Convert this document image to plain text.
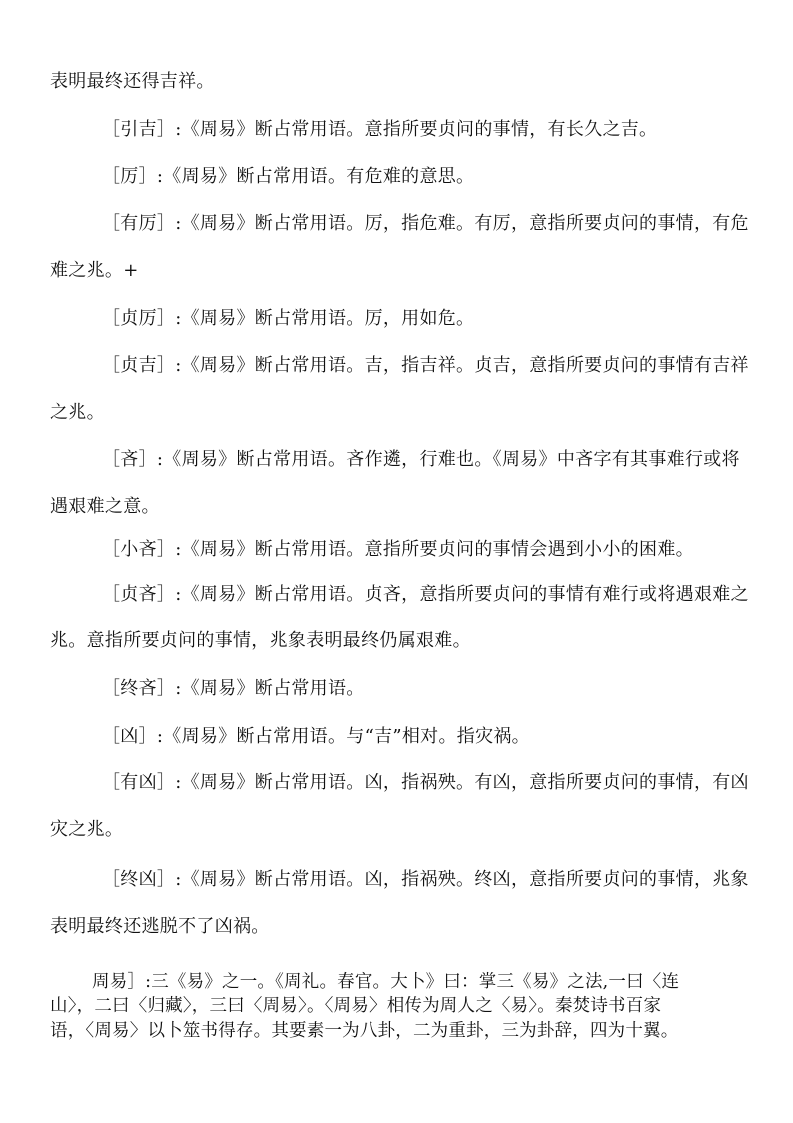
表明最终还得吉祥。
［引吉］:《周易》断占常用语。意指所要贞问的事情，有长久之吉。
［厉］:《周易》断占常用语。有危难的意思。
［有厉］:《周易》断占常用语。厉，指危难。有厉，意指所要贞问的事情，有危
难之兆。+
［贞厉］:《周易》断占常用语。厉，用如危。
［贞吉］:《周易》断占常用语。吉，指吉祥。贞吉，意指所要贞问的事情有吉祥
之兆。
［吝］:《周易》断占常用语。吝作遴，行难也。《周易》中吝字有其事难行或将
遇艰难之意。
［小吝］:《周易》断占常用语。意指所要贞问的事情会遇到小小的困难。
［贞吝］:《周易》断占常用语。贞吝，意指所要贞问的事情有难行或将遇艰难之
兆。意指所要贞问的事情，兆象表明最终仍属艰难。
［终吝］:《周易》断占常用语。
［凶］:《周易》断占常用语。与“吉”相对。指灾祸。
［有凶］:《周易》断占常用语。凶，指祸殃。有凶，意指所要贞问的事情，有凶
灾之兆。
［终凶］:《周易》断占常用语。凶，指祸殃。终凶，意指所要贞问的事情，兆象
表明最终还逃脱不了凶祸。
周易］:三《易》之一。《周礼。春官。大卜》曰：掌三《易》之法,一曰〈连
山〉，二曰〈归藏〉，三曰〈周易〉。〈周易〉相传为周人之〈易〉。秦焚诗书百家
语，〈周易〉以卜筮书得存。其要素一为八卦，二为重卦，三为卦辞，四为十翼。
